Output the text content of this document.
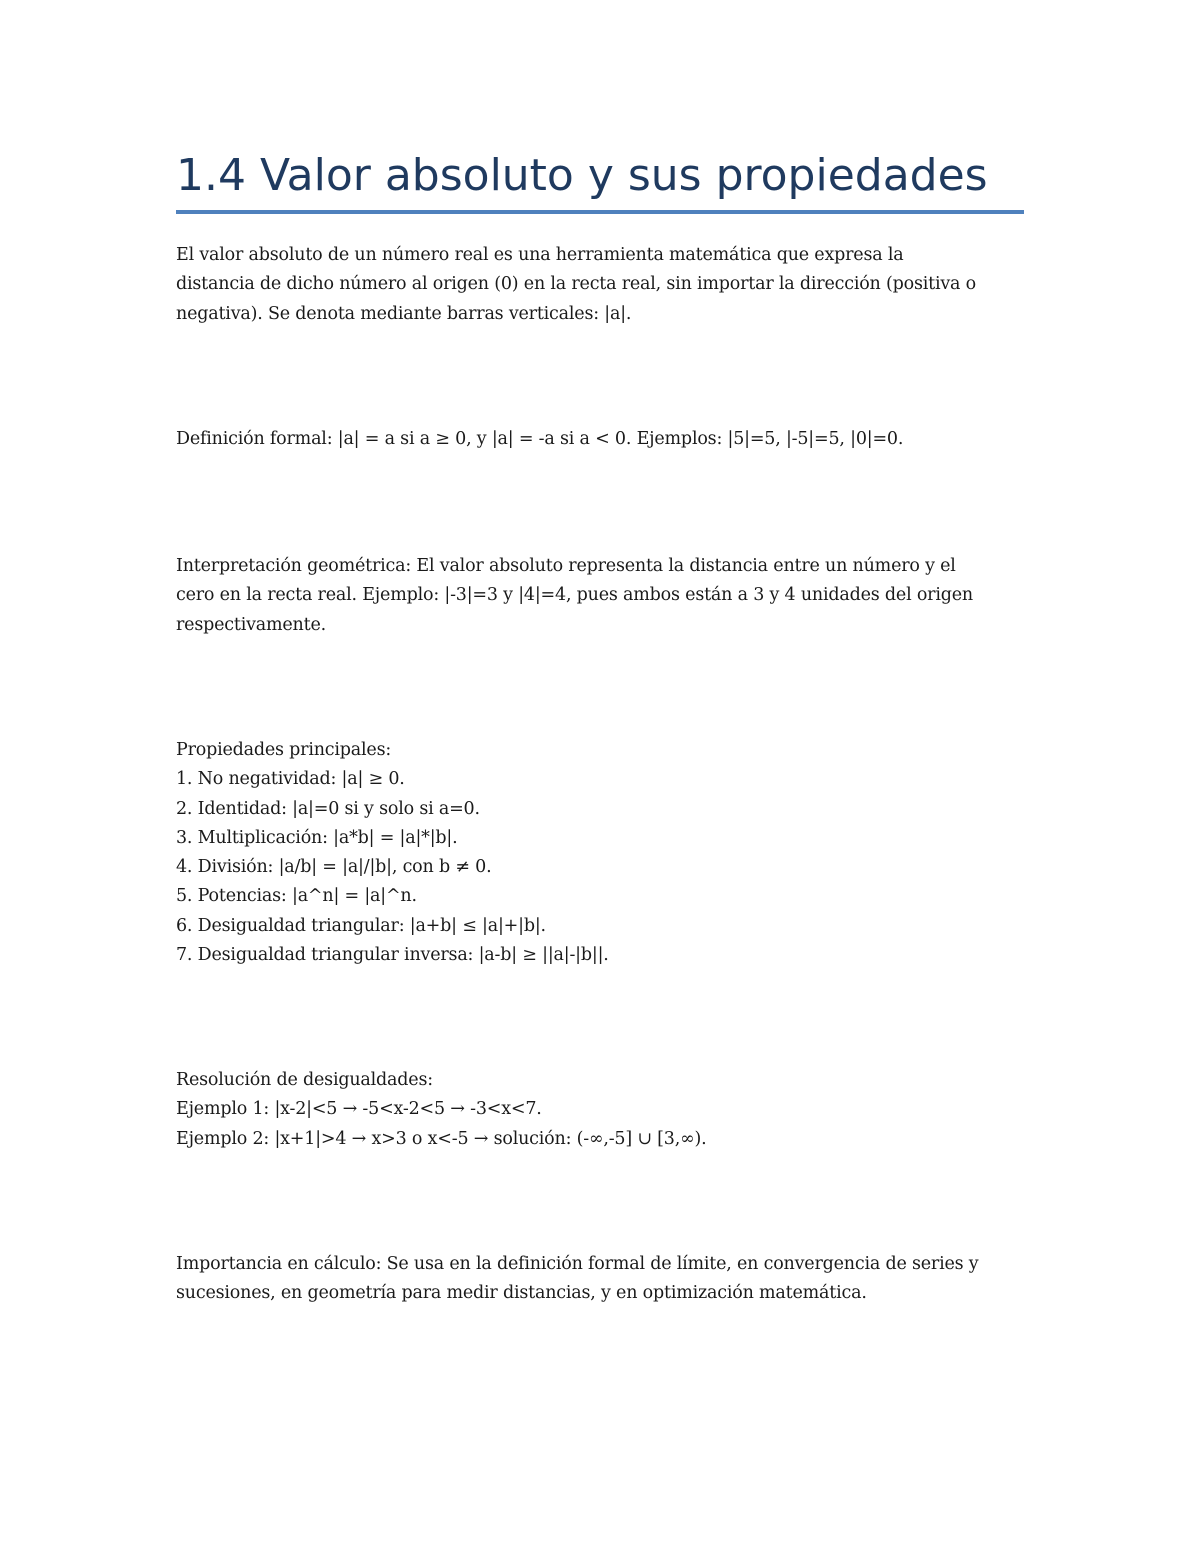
1.4 Valor absoluto y sus propiedades

El valor absoluto de un número real es una herramienta matemática que expresa la
distancia de dicho número al origen (0) en la recta real, sin importar la dirección (positiva o
negativa). Se denota mediante barras verticales: |a|.

Definición formal: |a| = a si a ≥ 0, y |a| = -a si a < 0. Ejemplos: |5|=5, |-5|=5, |0|=0.

Interpretación geométrica: El valor absoluto representa la distancia entre un número y el
cero en la recta real. Ejemplo: |-3|=3 y |4|=4, pues ambos están a 3 y 4 unidades del origen
respectivamente.

Propiedades principales:
1. No negatividad: |a| ≥ 0.
2. Identidad: |a|=0 si y solo si a=0.
3. Multiplicación: |a*b| = |a|*|b|.
4. División: |a/b| = |a|/|b|, con b ≠ 0.
5. Potencias: |a^n| = |a|^n.
6. Desigualdad triangular: |a+b| ≤ |a|+|b|.
7. Desigualdad triangular inversa: |a-b| ≥ ||a|-|b||.

Resolución de desigualdades:
Ejemplo 1: |x-2|<5 → -5<x-2<5 → -3<x<7.
Ejemplo 2: |x+1|>4 → x>3 o x<-5 → solución: (-∞,-5] ∪ [3,∞).

Importancia en cálculo: Se usa en la definición formal de límite, en convergencia de series y
sucesiones, en geometría para medir distancias, y en optimización matemática.
